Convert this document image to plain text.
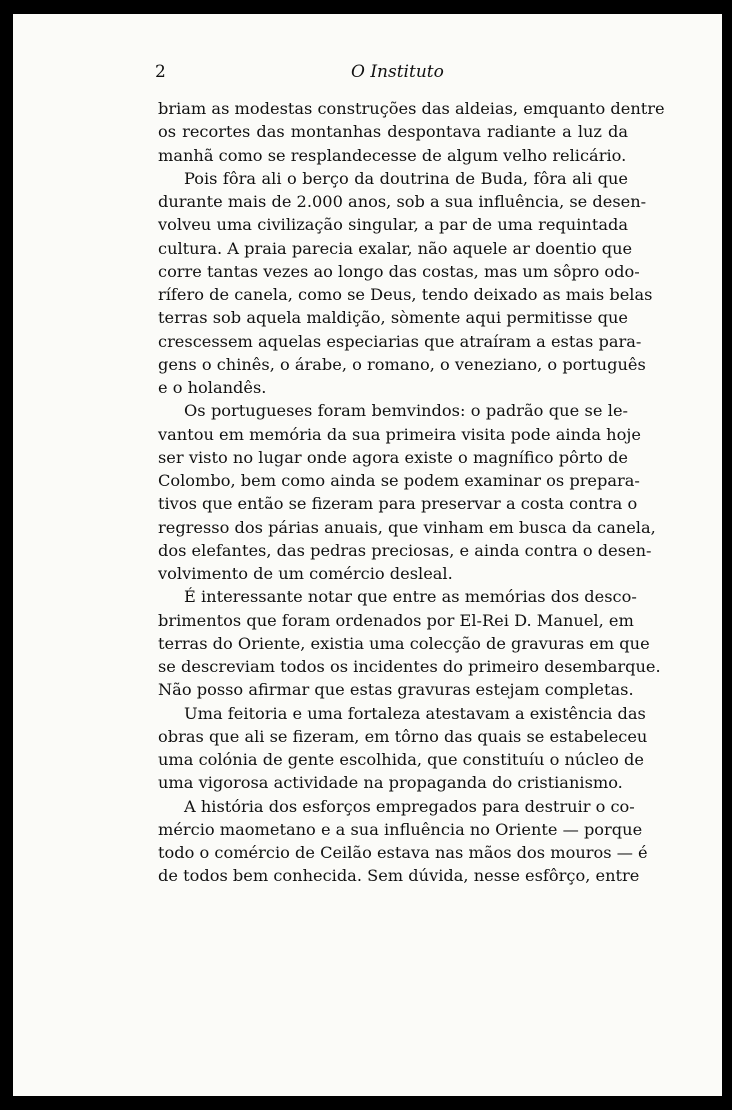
2	O Instituto
briam as modestas construções das aldeias, emquanto dentre
os recortes das montanhas despontava radiante a luz da
manhã como se resplandecesse de algum velho relicário.
Pois fôra ali o berço da doutrina de Buda, fôra ali que
durante mais de 2.000 anos, sob a sua influência, se desen-
volveu uma civilização singular, a par de uma requintada
cultura. A praia parecia exalar, não aquele ar doentio que
corre tantas vezes ao longo das costas, mas um sôpro odo-
rífero de canela, como se Deus, tendo deixado as mais belas
terras sob aquela maldição, sòmente aqui permitisse que
crescessem aquelas especiarias que atraíram a estas para-
gens o chinês, o árabe, o romano, o veneziano, o português
e o holandês.
Os portugueses foram bemvindos: o padrão que se le-
vantou em memória da sua primeira visita pode ainda hoje
ser visto no lugar onde agora existe o magnífico pôrto de
Colombo, bem como ainda se podem examinar os prepara-
tivos que então se fizeram para preservar a costa contra o
regresso dos párias anuais, que vinham em busca da canela,
dos elefantes, das pedras preciosas, e ainda contra o desen-
volvimento de um comércio desleal.
É interessante notar que entre as memórias dos desco-
brimentos que foram ordenados por El-Rei D. Manuel, em
terras do Oriente, existia uma colecção de gravuras em que
se descreviam todos os incidentes do primeiro desembarque.
Não posso afirmar que estas gravuras estejam completas.
Uma feitoria e uma fortaleza atestavam a existência das
obras que ali se fizeram, em tôrno das quais se estabeleceu
uma colónia de gente escolhida, que constituíu o núcleo de
uma vigorosa actividade na propaganda do cristianismo.
A história dos esforços empregados para destruir o co-
mércio maometano e a sua influência no Oriente — porque
todo o comércio de Ceilão estava nas mãos dos mouros — é
de todos bem conhecida. Sem dúvida, nesse esfôrço, entre
